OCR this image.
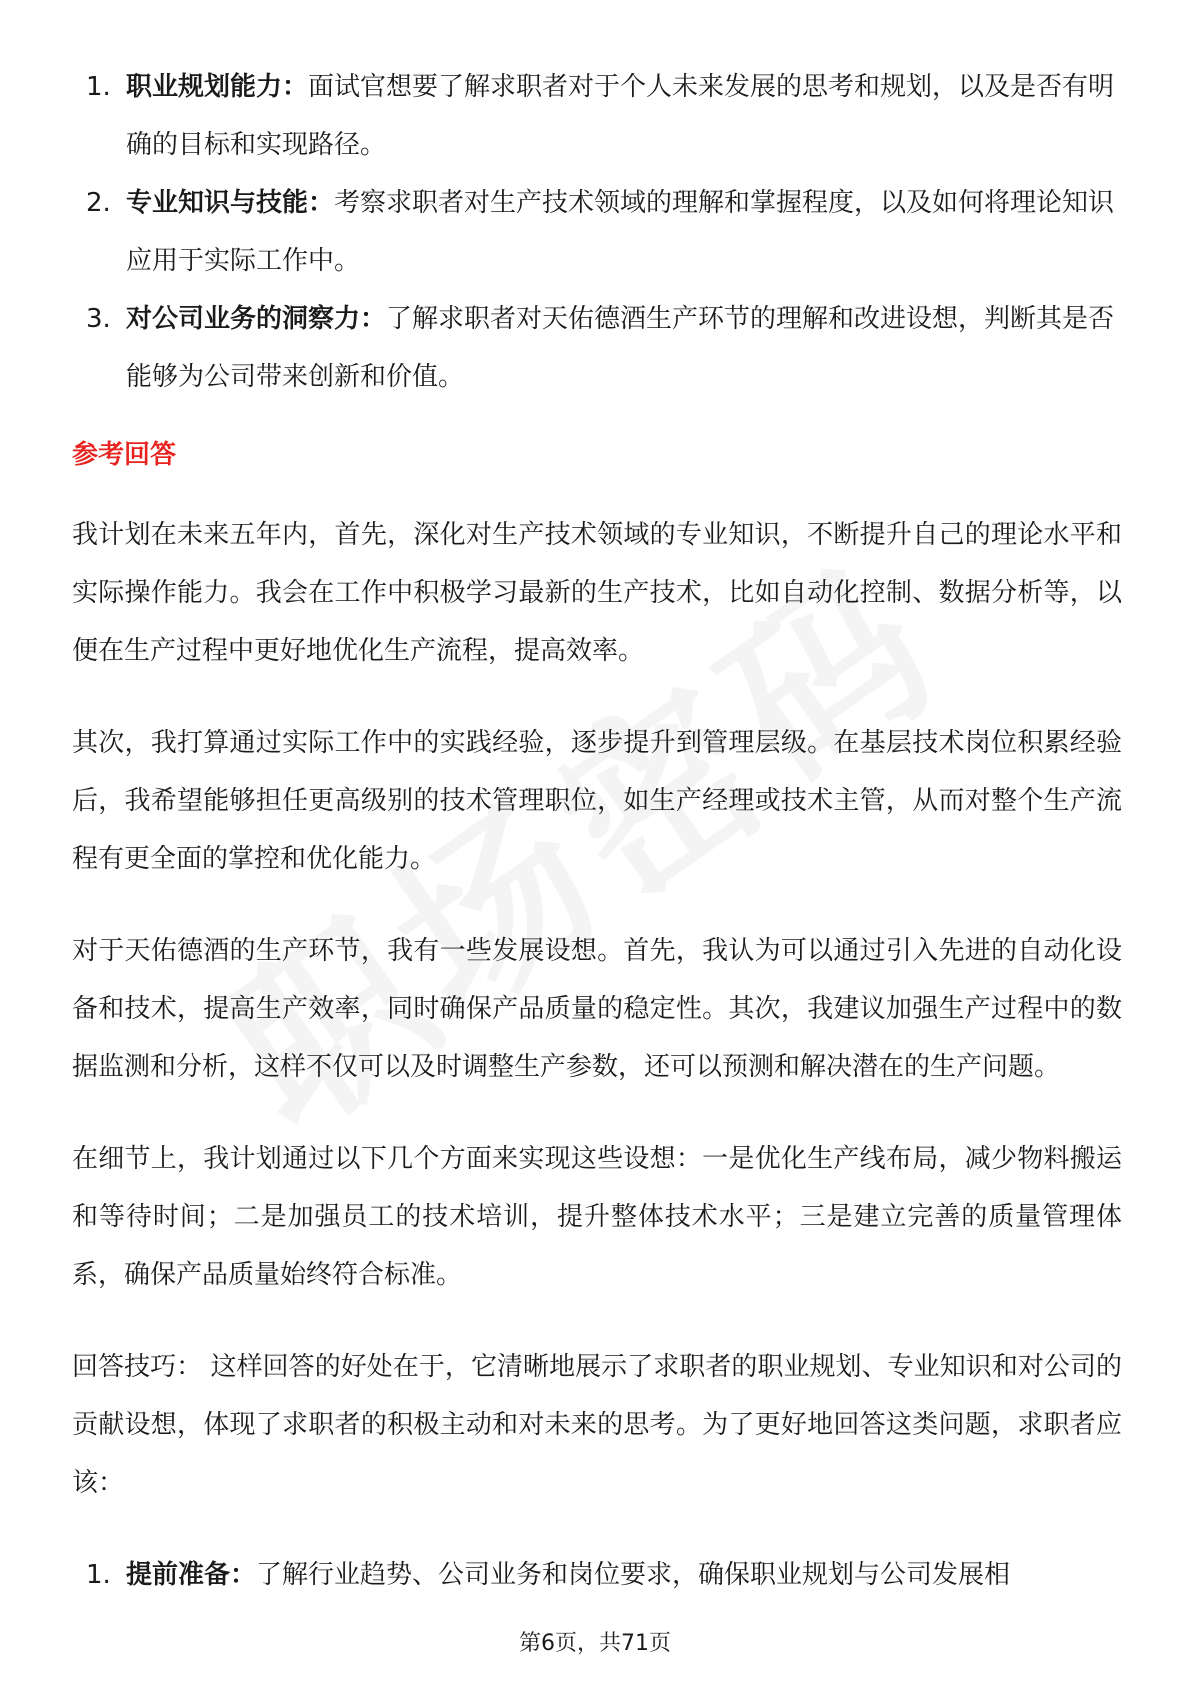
1. 职业规划能力：面试官想要了解求职者对于个人未来发展的思考和规划，以及是否有明确的目标和实现路径。
2. 专业知识与技能：考察求职者对生产技术领域的理解和掌握程度，以及如何将理论知识应用于实际工作中。
3. 对公司业务的洞察力：了解求职者对天佑德酒生产环节的理解和改进设想，判断其是否能够为公司带来创新和价值。
参考回答

我计划在未来五年内，首先，深化对生产技术领域的专业知识，不断提升自己的理论水平和实际操作能力。我会在工作中积极学习最新的生产技术，比如自动化控制、数据分析等，以便在生产过程中更好地优化生产流程，提高效率。

其次，我打算通过实际工作中的实践经验，逐步提升到管理层级。在基层技术岗位积累经验后，我希望能够担任更高级别的技术管理职位，如生产经理或技术主管，从而对整个生产流程有更全面的掌控和优化能力。

对于天佑德酒的生产环节，我有一些发展设想。首先，我认为可以通过引入先进的自动化设备和技术，提高生产效率，同时确保产品质量的稳定性。其次，我建议加强生产过程中的数据监测和分析，这样不仅可以及时调整生产参数，还可以预测和解决潜在的生产问题。

在细节上，我计划通过以下几个方面来实现这些设想：一是优化生产线布局，减少物料搬运和等待时间；二是加强员工的技术培训，提升整体技术水平；三是建立完善的质量管理体系，确保产品质量始终符合标准。

回答技巧： 这样回答的好处在于，它清晰地展示了求职者的职业规划、专业知识和对公司的贡献设想，体现了求职者的积极主动和对未来的思考。为了更好地回答这类问题，求职者应该：

1. 提前准备：了解行业趋势、公司业务和岗位要求，确保职业规划与公司发展相
第6页，共71页
